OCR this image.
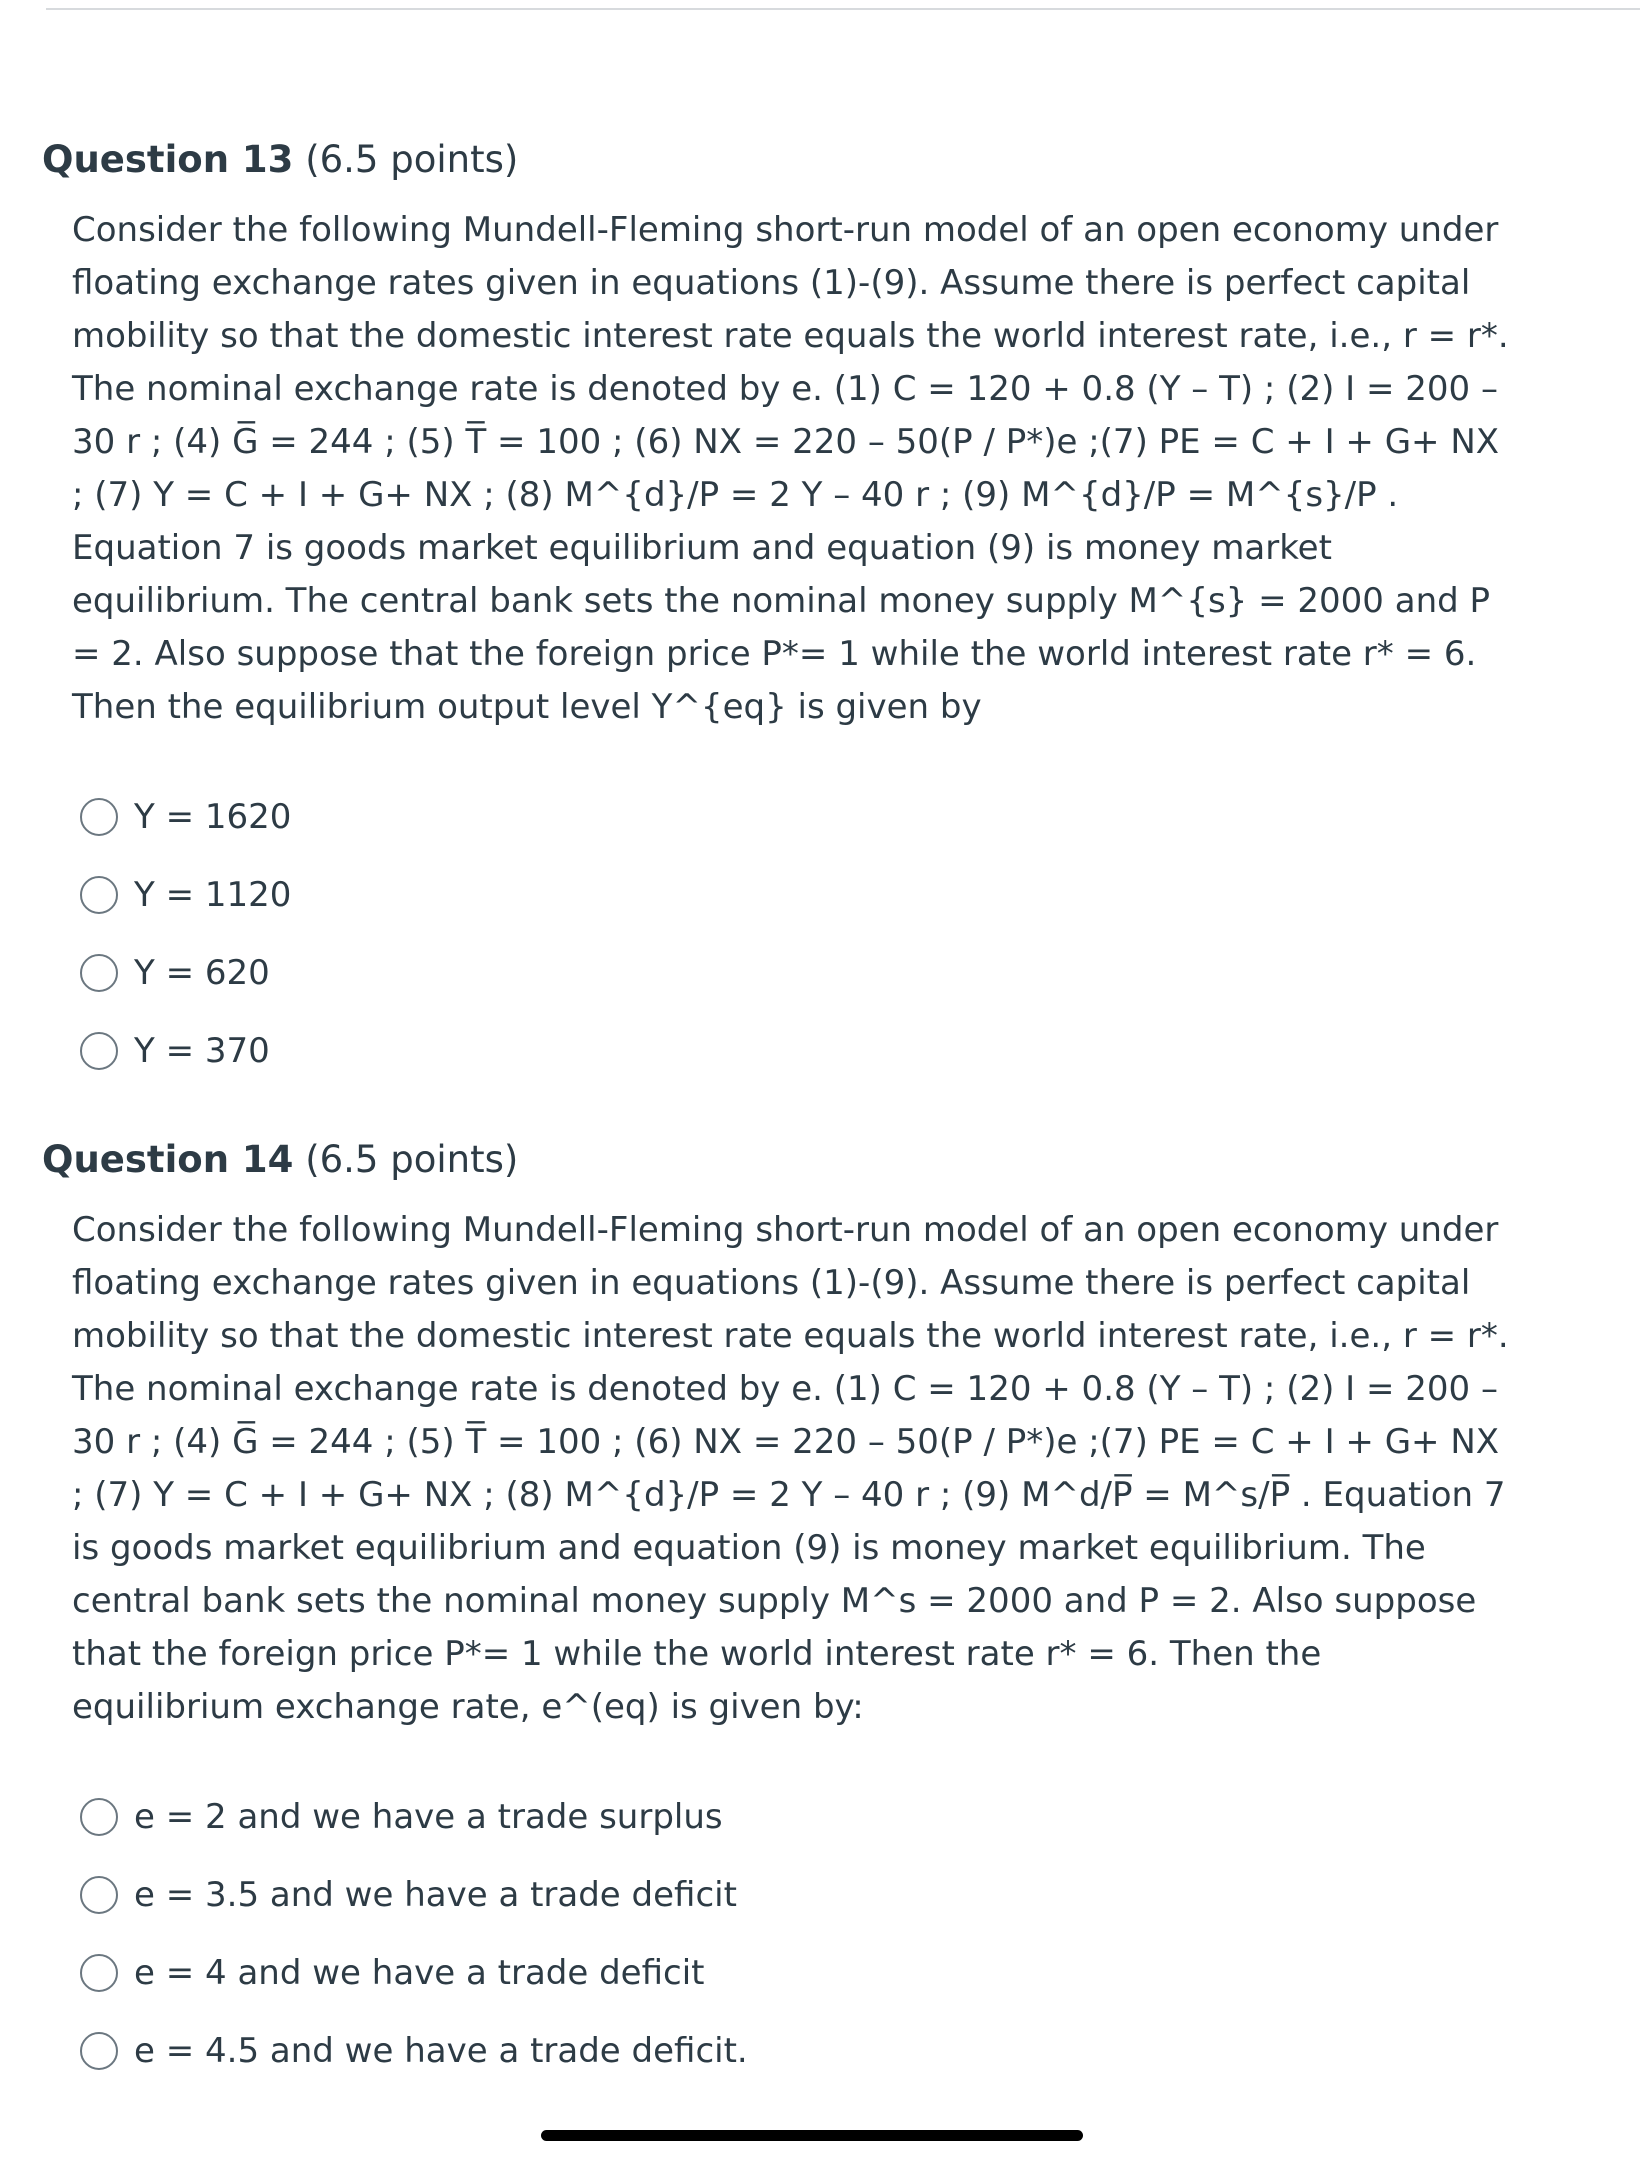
Question 13 (6.5 points)
Consider the following Mundell-Fleming short-run model of an open economy under floating exchange rates given in equations (1)-(9). Assume there is perfect capital mobility so that the domestic interest rate equals the world interest rate, i.e., r = r*. The nominal exchange rate is denoted by e. (1) C = 120 + 0.8 (Y – T) ; (2) I = 200 – 30 r ; (4) G̅ = 244 ; (5) T̅ = 100 ; (6) NX = 220 – 50(P / P*)e ;(7) PE = C + I + G+ NX ; (7) Y = C + I + G+ NX ; (8) M^{d}/P = 2 Y – 40 r ; (9) M^{d}/P = M^{s}/P . Equation 7 is goods market equilibrium and equation (9) is money market equilibrium. The central bank sets the nominal money supply M^{s} = 2000 and P = 2. Also suppose that the foreign price P*= 1 while the world interest rate r* = 6. Then the equilibrium output level Y^{eq} is given by
Y = 1620
Y = 1120
Y = 620
Y = 370
Question 14 (6.5 points)
Consider the following Mundell-Fleming short-run model of an open economy under floating exchange rates given in equations (1)-(9). Assume there is perfect capital mobility so that the domestic interest rate equals the world interest rate, i.e., r = r*. The nominal exchange rate is denoted by e. (1) C = 120 + 0.8 (Y – T) ; (2) I = 200 – 30 r ; (4) G̅ = 244 ; (5) T̅ = 100 ; (6) NX = 220 – 50(P / P*)e ;(7) PE = C + I + G+ NX ; (7) Y = C + I + G+ NX ; (8) M^{d}/P = 2 Y – 40 r ; (9) M^d/P̅ = M^s/P̅ . Equation 7 is goods market equilibrium and equation (9) is money market equilibrium. The central bank sets the nominal money supply M^s = 2000 and P = 2. Also suppose that the foreign price P*= 1 while the world interest rate r* = 6. Then the equilibrium exchange rate, e^(eq) is given by:
e = 2 and we have a trade surplus
e = 3.5 and we have a trade deficit
e = 4 and we have a trade deficit
e = 4.5 and we have a trade deficit.
